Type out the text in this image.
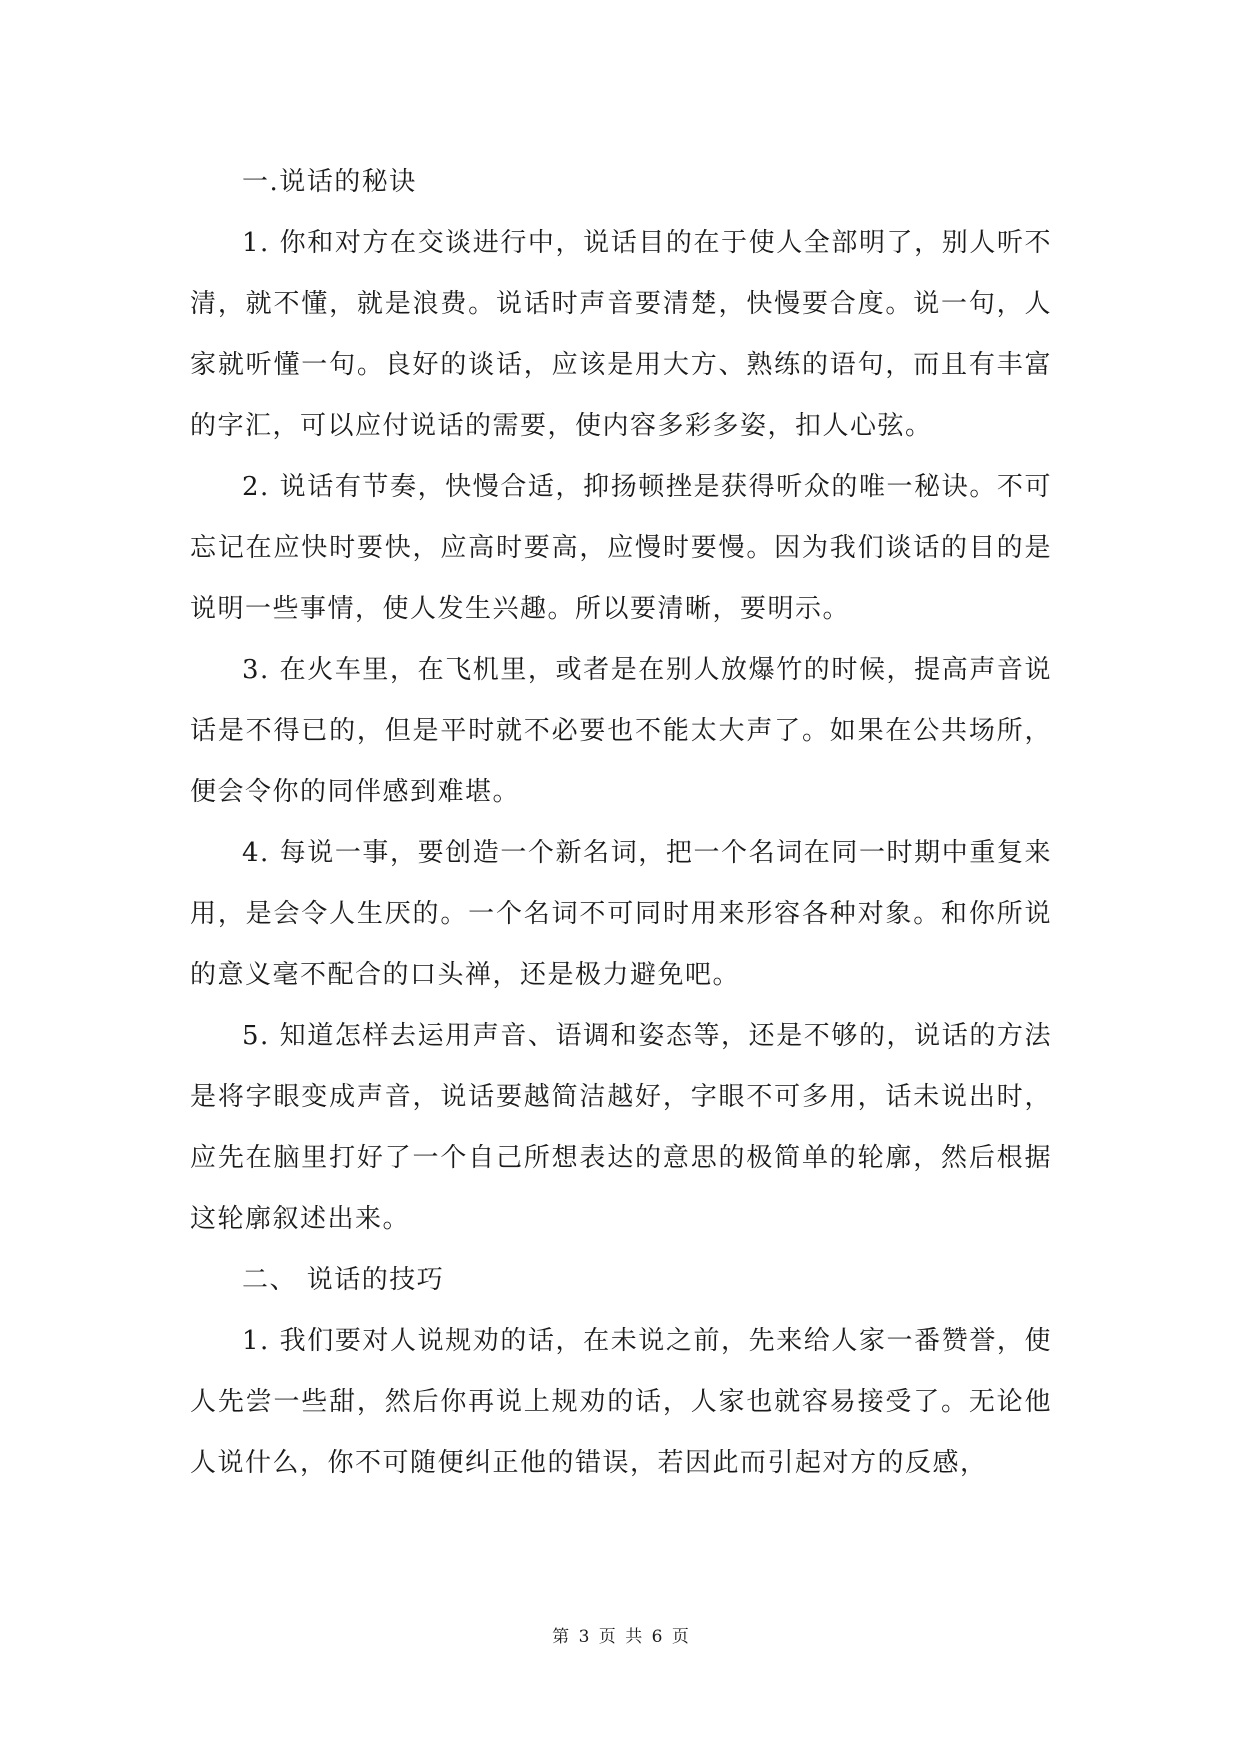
一.说话的秘诀

1. 你和对方在交谈进行中，说话目的在于使人全部明了，别人听不清，就不懂，就是浪费。说话时声音要清楚，快慢要合度。说一句，人家就听懂一句。良好的谈话，应该是用大方、熟练的语句，而且有丰富的字汇，可以应付说话的需要，使内容多彩多姿，扣人心弦。

2. 说话有节奏，快慢合适，抑扬顿挫是获得听众的唯一秘诀。不可忘记在应快时要快，应高时要高，应慢时要慢。因为我们谈话的目的是说明一些事情，使人发生兴趣。所以要清晰，要明示。

3. 在火车里，在飞机里，或者是在别人放爆竹的时候，提高声音说话是不得已的，但是平时就不必要也不能太大声了。如果在公共场所，便会令你的同伴感到难堪。

4. 每说一事，要创造一个新名词，把一个名词在同一时期中重复来用，是会令人生厌的。一个名词不可同时用来形容各种对象。和你所说的意义毫不配合的口头禅，还是极力避免吧。

5. 知道怎样去运用声音、语调和姿态等，还是不够的，说话的方法是将字眼变成声音，说话要越简洁越好，字眼不可多用，话未说出时，应先在脑里打好了一个自己所想表达的意思的极简单的轮廓，然后根据这轮廓叙述出来。

二、 说话的技巧

1. 我们要对人说规劝的话，在未说之前，先来给人家一番赞誉，使人先尝一些甜，然后你再说上规劝的话，人家也就容易接受了。无论他人说什么，你不可随便纠正他的错误，若因此而引起对方的反感，

第 3 页 共 6 页
